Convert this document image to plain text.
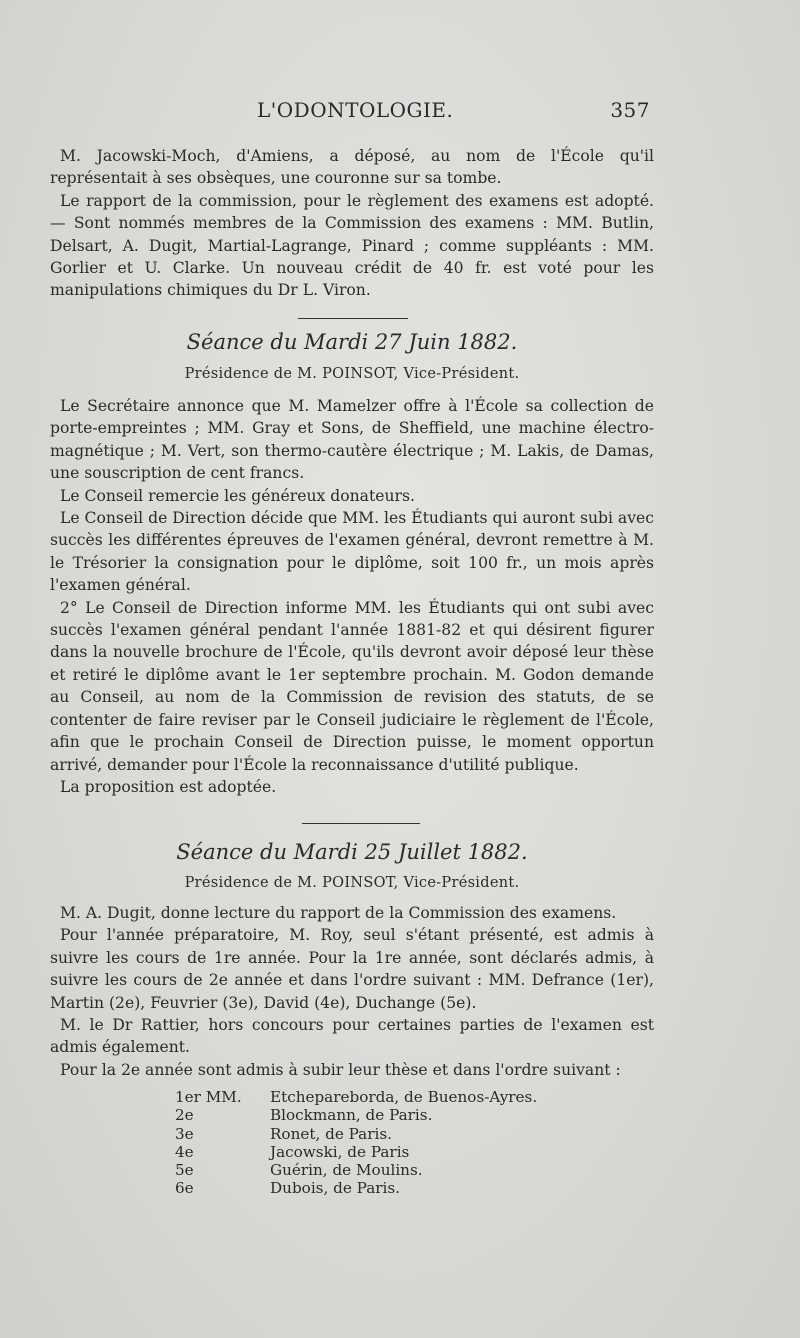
L'ODONTOLOGIE.	357

M. Jacowski-Moch, d'Amiens, a déposé, au nom de l'École qu'il représentait à ses obsèques, une couronne sur sa tombe.

Le rapport de la commission, pour le règlement des examens est adopté. — Sont nommés membres de la Commission des examens : MM. Butlin, Delsart, A. Dugit, Martial-Lagrange, Pinard ; comme suppléants : MM. Gorlier et U. Clarke. Un nouveau crédit de 40 fr. est voté pour les manipulations chimiques du Dr L. Viron.

Séance du Mardi 27 Juin 1882.
Présidence de M. POINSOT, Vice-Président.

Le Secrétaire annonce que M. Mamelzer offre à l'École sa collection de porte-empreintes ; MM. Gray et Sons, de Sheffield, une machine électro-magnétique ; M. Vert, son thermo-cautère électrique ; M. Lakis, de Damas, une souscription de cent francs.

Le Conseil remercie les généreux donateurs.

Le Conseil de Direction décide que MM. les Étudiants qui auront subi avec succès les différentes épreuves de l'examen général, devront remettre à M. le Trésorier la consignation pour le diplôme, soit 100 fr., un mois après l'examen général.

2° Le Conseil de Direction informe MM. les Étudiants qui ont subi avec succès l'examen général pendant l'année 1881-82 et qui désirent figurer dans la nouvelle brochure de l'École, qu'ils devront avoir déposé leur thèse et retiré le diplôme avant le 1er septembre prochain. M. Godon demande au Conseil, au nom de la Commission de revision des statuts, de se contenter de faire reviser par le Conseil judiciaire le règlement de l'École, afin que le prochain Conseil de Direction puisse, le moment opportun arrivé, demander pour l'École la reconnaissance d'utilité publique.

La proposition est adoptée.

Séance du Mardi 25 Juillet 1882.
Présidence de M. POINSOT, Vice-Président.

M. A. Dugit, donne lecture du rapport de la Commission des examens.

Pour l'année préparatoire, M. Roy, seul s'étant présenté, est admis à suivre les cours de 1re année. Pour la 1re année, sont déclarés admis, à suivre les cours de 2e année et dans l'ordre suivant : MM. Defrance (1er), Martin (2e), Feuvrier (3e), David (4e), Duchange (5e).

M. le Dr Rattier, hors concours pour certaines parties de l'examen est admis également.

Pour la 2e année sont admis à subir leur thèse et dans l'ordre suivant :

1er MM.	Etchepareborda, de Buenos-Ayres.
2e	Blockmann, de Paris.
3e	Ronet, de Paris.
4e	Jacowski, de Paris
5e	Guérin, de Moulins.
6e	Dubois, de Paris.
